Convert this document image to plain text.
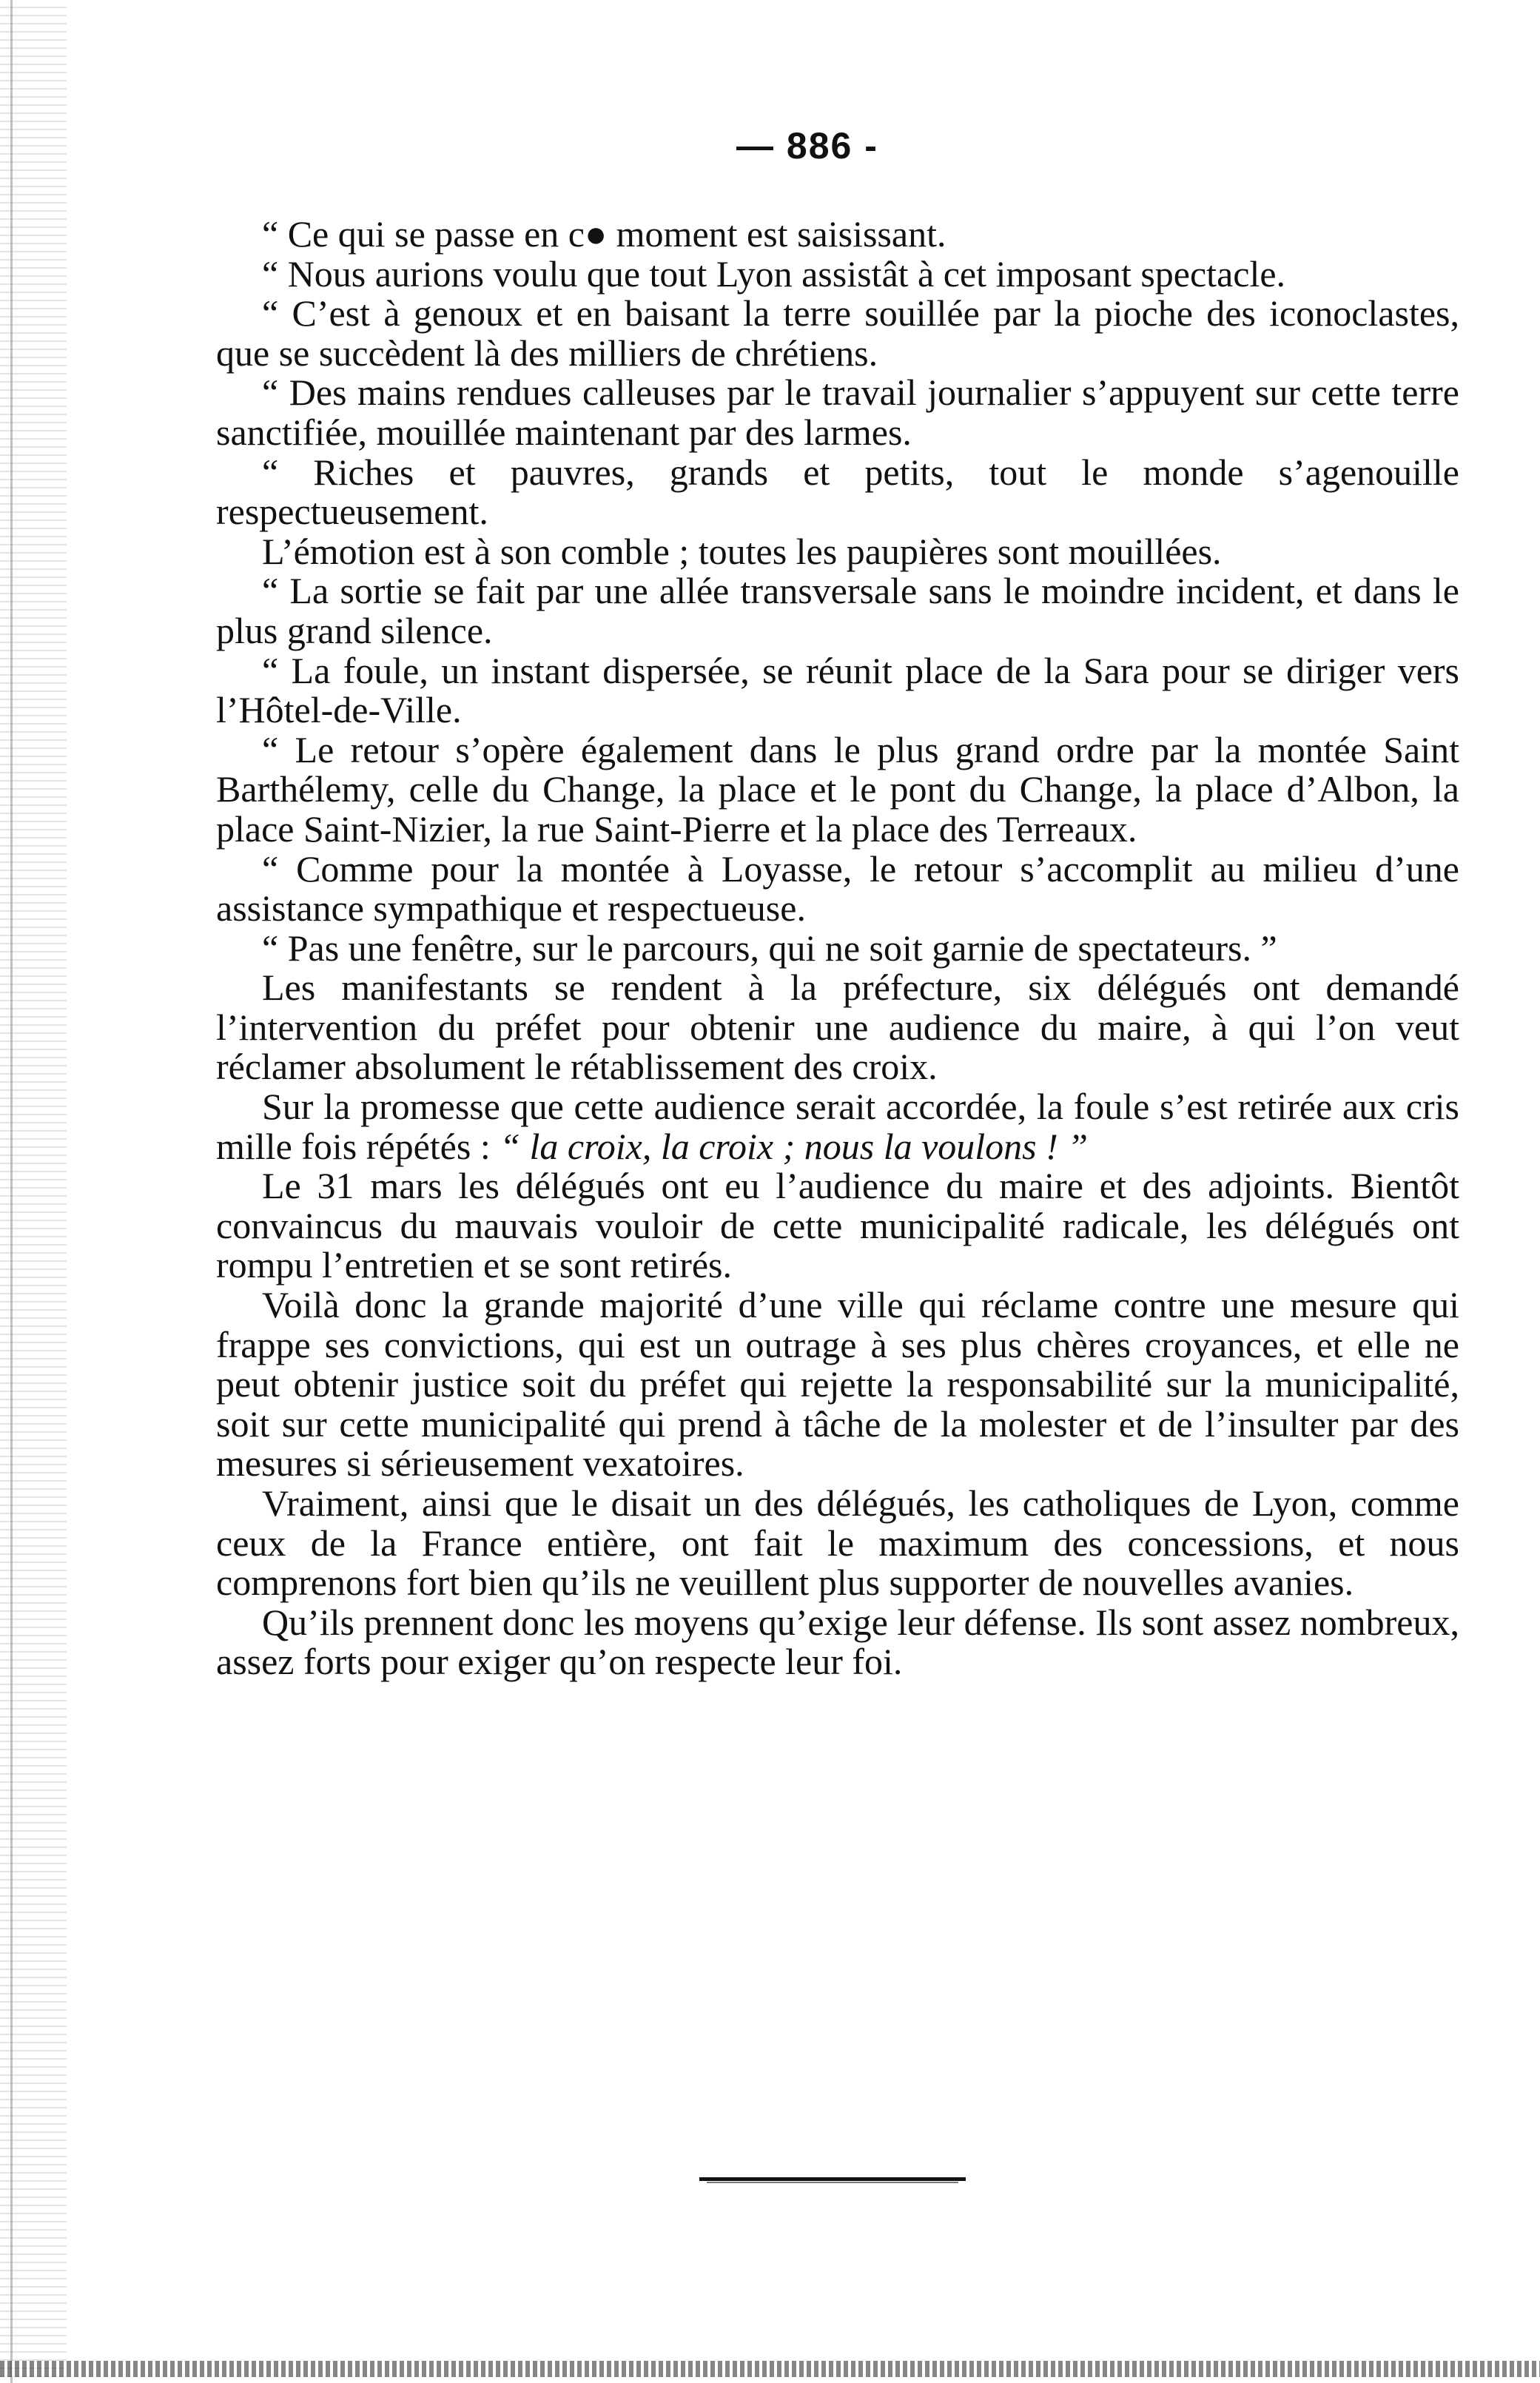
— 886 -

“ Ce qui se passe en c● moment est saisissant.

“ Nous aurions voulu que tout Lyon assistât à cet imposant spectacle.

“ C’est à genoux et en baisant la terre souillée par la pioche des iconoclastes, que se succèdent là des milliers de chrétiens.

“ Des mains rendues calleuses par le travail journalier s’appuyent sur cette terre sanctifiée, mouillée maintenant par des larmes.

“ Riches et pauvres, grands et petits, tout le monde s’agenouille respectueusement.

L’émotion est à son comble ; toutes les paupières sont mouillées.

“ La sortie se fait par une allée transversale sans le moindre incident, et dans le plus grand silence.

“ La foule, un instant dispersée, se réunit place de la Sara pour se diriger vers l’Hôtel-de-Ville.

“ Le retour s’opère également dans le plus grand ordre par la montée Saint Barthélemy, celle du Change, la place et le pont du Change, la place d’Albon, la place Saint-Nizier, la rue Saint-Pierre et la place des Terreaux.

“ Comme pour la montée à Loyasse, le retour s’accomplit au milieu d’une assistance sympathique et respectueuse.

“ Pas une fenêtre, sur le parcours, qui ne soit garnie de spectateurs. ”

Les manifestants se rendent à la préfecture, six délégués ont demandé l’intervention du préfet pour obtenir une audience du maire, à qui l’on veut réclamer absolument le rétablissement des croix.

Sur la promesse que cette audience serait accordée, la foule s’est retirée aux cris mille fois répétés : “ la croix, la croix ; nous la voulons ! ”

Le 31 mars les délégués ont eu l’audience du maire et des adjoints. Bientôt convaincus du mauvais vouloir de cette municipalité radicale, les délégués ont rompu l’entretien et se sont retirés.

Voilà donc la grande majorité d’une ville qui réclame contre une mesure qui frappe ses convictions, qui est un outrage à ses plus chères croyances, et elle ne peut obtenir justice soit du préfet qui rejette la responsabilité sur la municipalité, soit sur cette municipalité qui prend à tâche de la molester et de l’insulter par des mesures si sérieusement vexatoires.

Vraiment, ainsi que le disait un des délégués, les catholiques de Lyon, comme ceux de la France entière, ont fait le maximum des concessions, et nous comprenons fort bien qu’ils ne veuillent plus supporter de nouvelles avanies.

Qu’ils prennent donc les moyens qu’exige leur défense. Ils sont assez nombreux, assez forts pour exiger qu’on respecte leur foi.
